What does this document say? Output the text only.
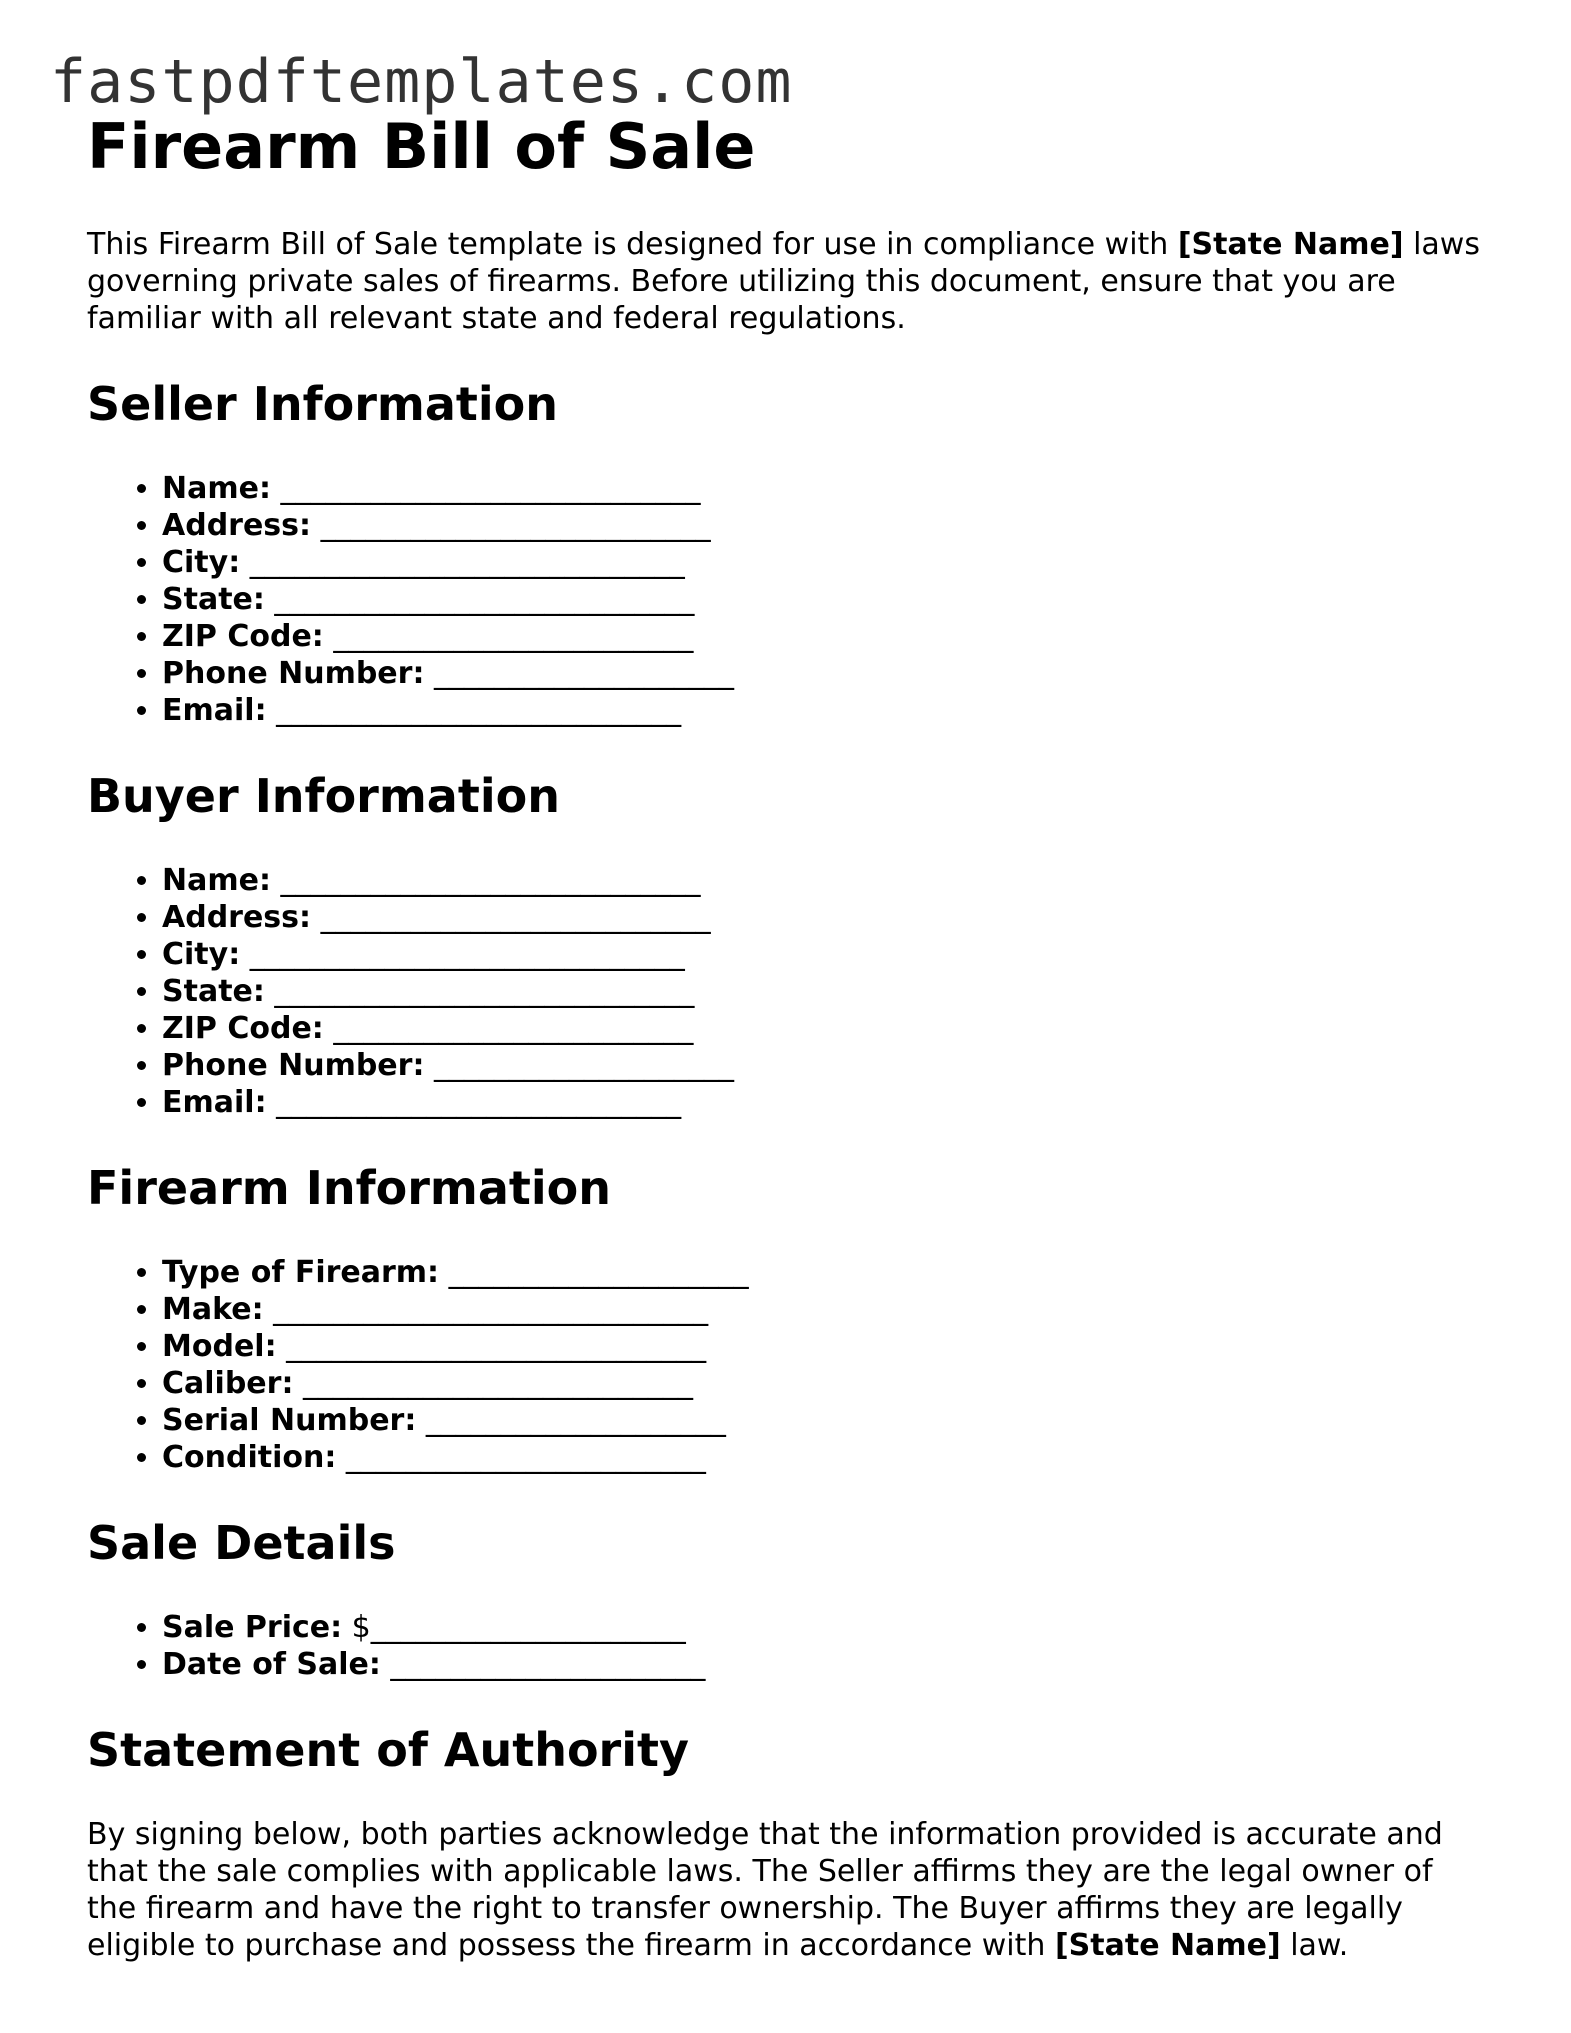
fastpdftemplates.com
Firearm Bill of Sale

This Firearm Bill of Sale template is designed for use in compliance with [State Name] laws governing private sales of firearms. Before utilizing this document, ensure that you are familiar with all relevant state and federal regulations.

Seller Information
• Name: ____________________________
• Address: __________________________
• City: _____________________________
• State: ____________________________
• ZIP Code: ________________________
• Phone Number: ____________________
• Email: ___________________________
Buyer Information
• Name: ____________________________
• Address: __________________________
• City: _____________________________
• State: ____________________________
• ZIP Code: ________________________
• Phone Number: ____________________
• Email: ___________________________
Firearm Information
• Type of Firearm: ____________________
• Make: _____________________________
• Model: ____________________________
• Caliber: __________________________
• Serial Number: ____________________
• Condition: ________________________
Sale Details
• Sale Price: $_____________________
• Date of Sale: _____________________
Statement of Authority

By signing below, both parties acknowledge that the information provided is accurate and that the sale complies with applicable laws. The Seller affirms they are the legal owner of the firearm and have the right to transfer ownership. The Buyer affirms they are legally eligible to purchase and possess the firearm in accordance with [State Name] law.
